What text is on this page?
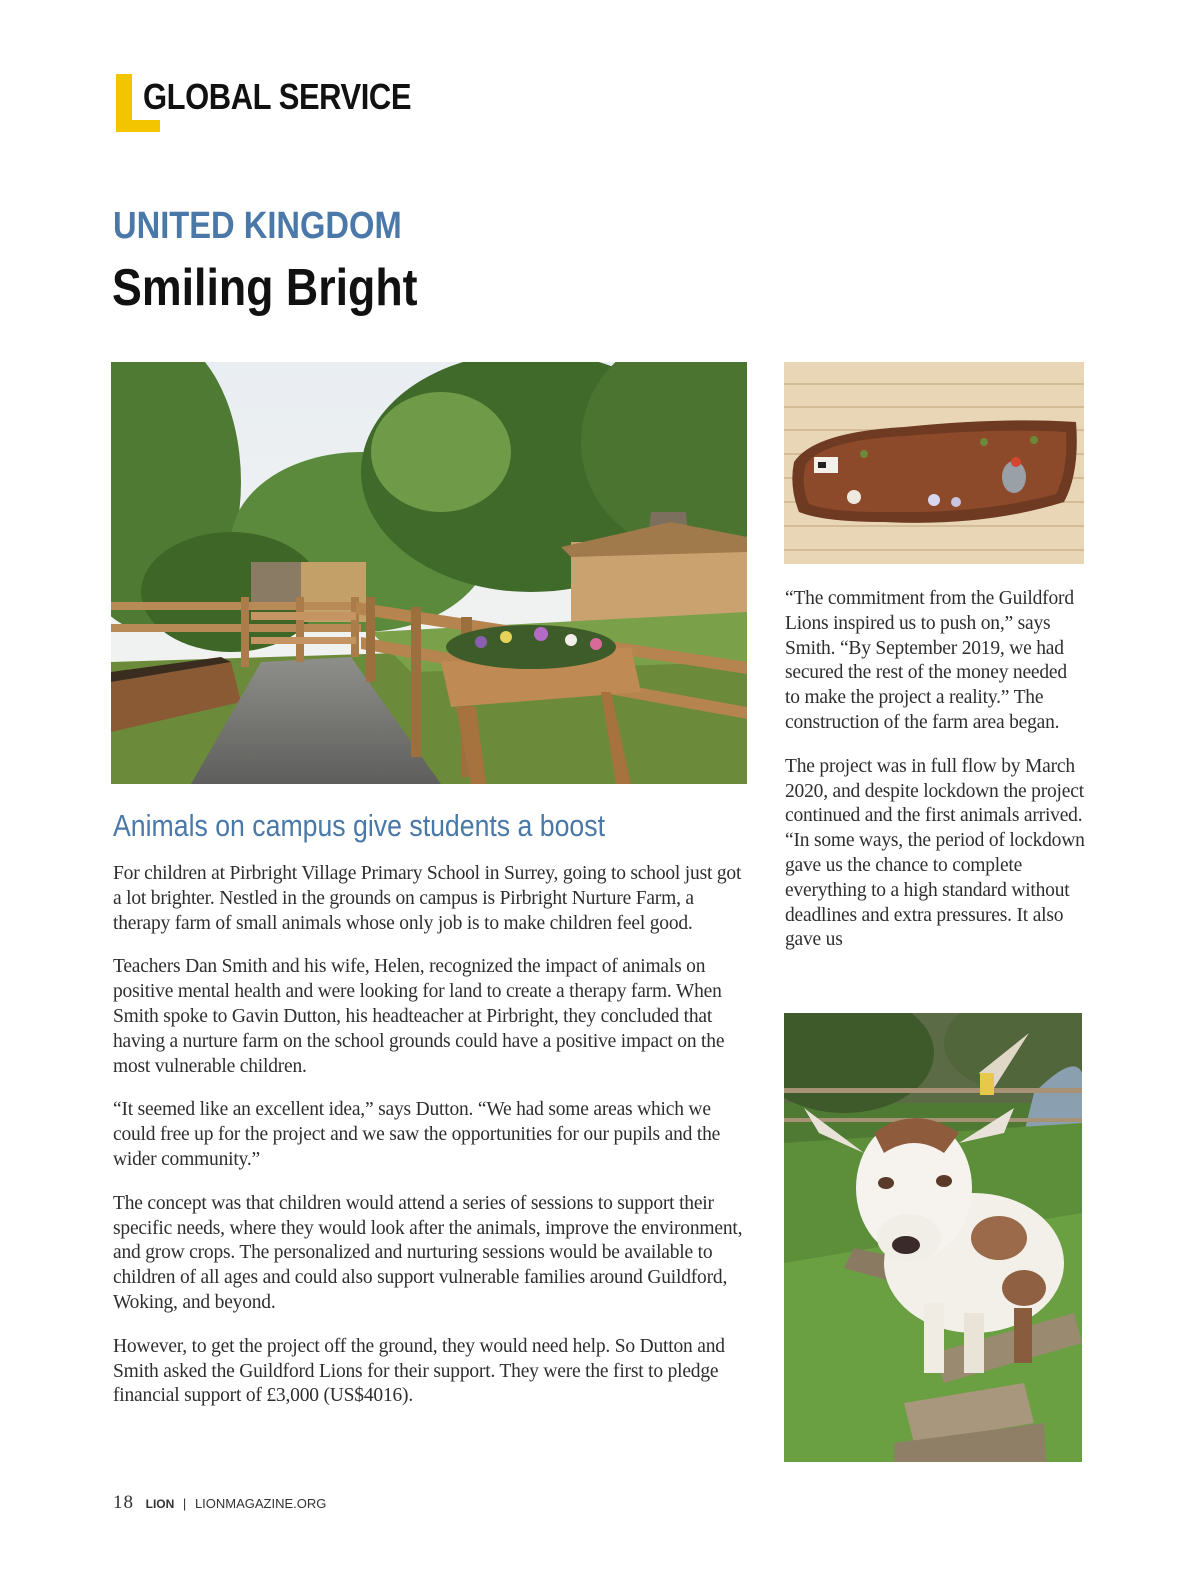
GLOBAL SERVICE
UNITED KINGDOM
Smiling Bright
Animals on campus give students a boost

For children at Pirbright Village Primary School in Surrey, going to school just got a lot brighter. Nestled in the grounds on campus is Pirbright Nurture Farm, a therapy farm of small animals whose only job is to make children feel good.

Teachers Dan Smith and his wife, Helen, recognized the impact of animals on positive mental health and were looking for land to create a therapy farm. When Smith spoke to Gavin Dutton, his headteacher at Pirbright, they concluded that having a nurture farm on the school grounds could have a positive impact on the most vulnerable children.

“It seemed like an excellent idea,” says Dutton. “We had some areas which we could free up for the project and we saw the opportunities for our pupils and the wider community.”

The concept was that children would attend a series of sessions to support their specific needs, where they would look after the animals, improve the environment, and grow crops. The personalized and nurturing sessions would be available to children of all ages and could also support vulnerable families around Guildford, Woking, and beyond.

However, to get the project off the ground, they would need help. So Dutton and Smith asked the Guildford Lions for their support. They were the first to pledge financial support of £3,000 (US$4016).

“The commitment from the Guildford Lions inspired us to push on,” says Smith. “By September 2019, we had secured the rest of the money needed to make the project a reality.” The construction of the farm area began.

The project was in full flow by March 2020, and despite lockdown the project continued and the first animals arrived. “In some ways, the period of lockdown gave us the chance to complete everything to a high standard without deadlines and extra pressures. It also gave us

18 LION | LIONMAGAZINE.ORG
